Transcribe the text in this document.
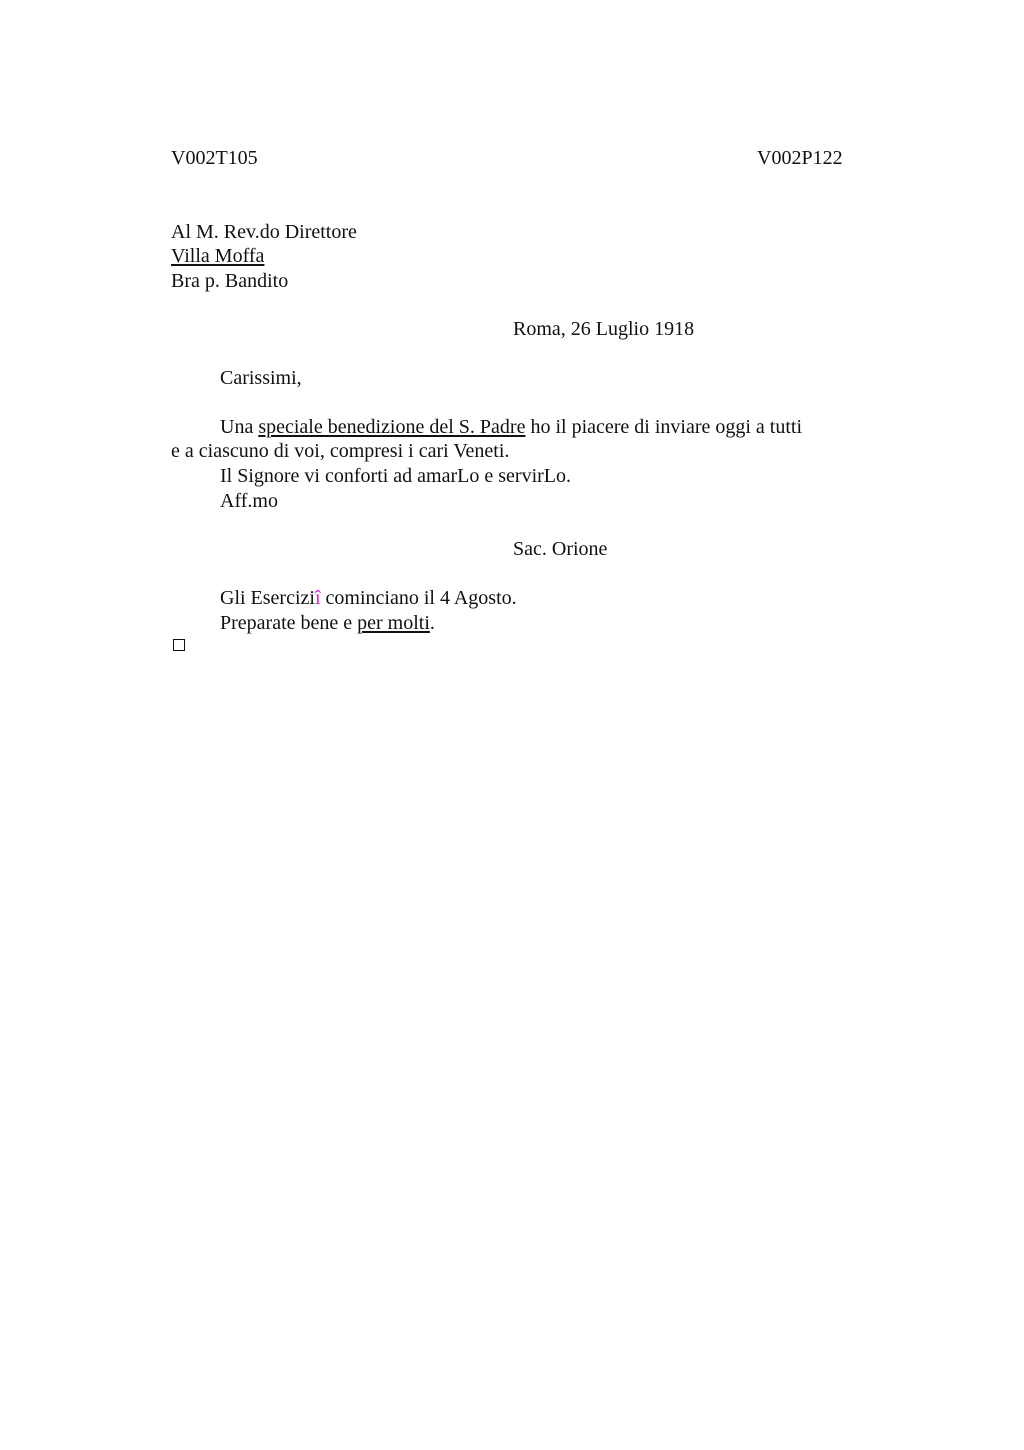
V002T105	V002P122
Al M. Rev.do Direttore
Villa Moffa
Bra p. Bandito
Roma, 26 Luglio 1918
Carissimi,
Una speciale benedizione del S. Padre ho il piacere di inviare oggi a tutti
e a ciascuno di voi, compresi i cari Veneti.
Il Signore vi conforti ad amarLo e servirLo.
Aff.mo
Sac. Orione
Gli Eserciziî cominciano il 4 Agosto.
Preparate bene e per molti.
